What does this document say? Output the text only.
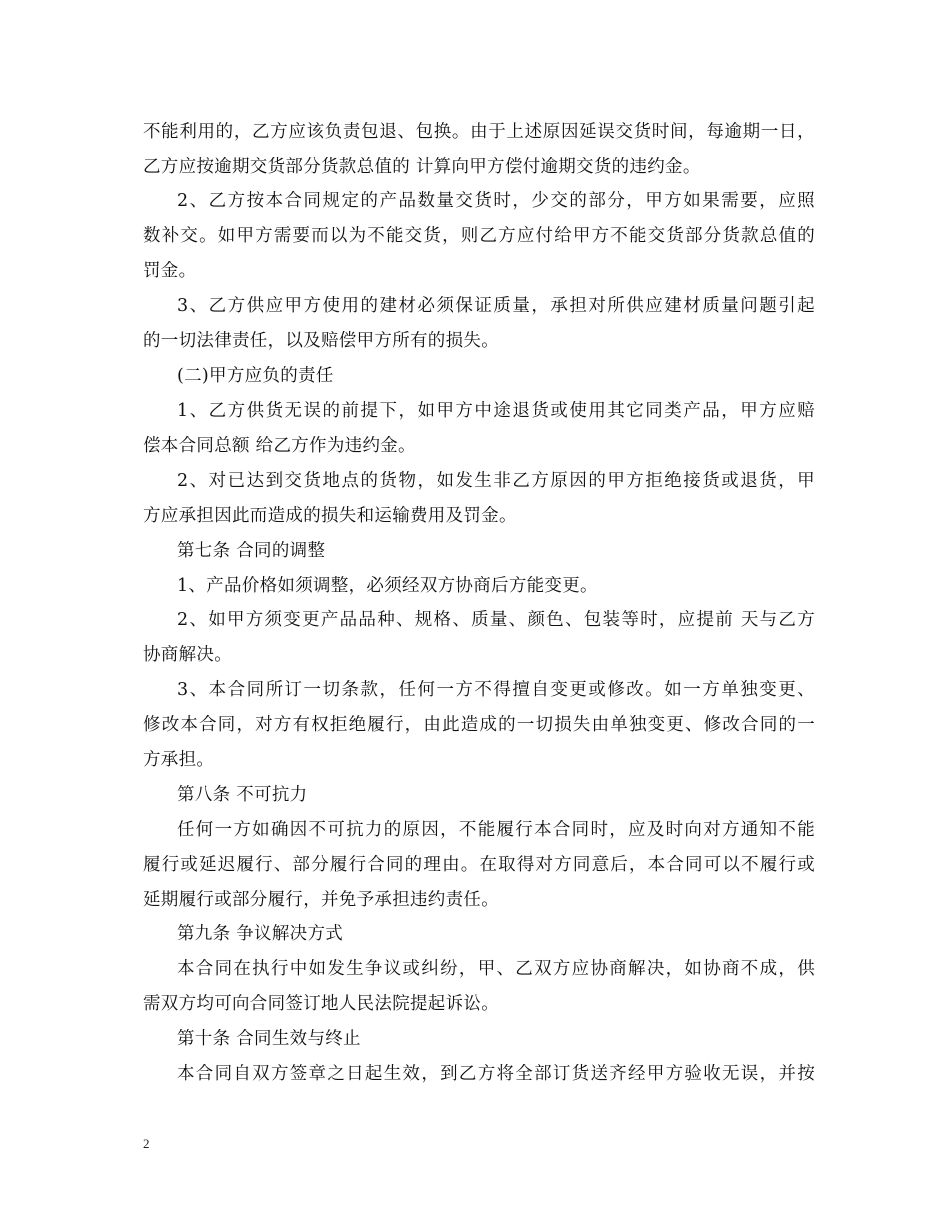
不能利用的，乙方应该负责包退、包换。由于上述原因延误交货时间，每逾期一日，
乙方应按逾期交货部分货款总值的 计算向甲方偿付逾期交货的违约金。
2、乙方按本合同规定的产品数量交货时，少交的部分，甲方如果需要，应照
数补交。如甲方需要而以为不能交货，则乙方应付给甲方不能交货部分货款总值的
罚金。
3、乙方供应甲方使用的建材必须保证质量，承担对所供应建材质量问题引起
的一切法律责任，以及赔偿甲方所有的损失。
(二)甲方应负的责任
1、乙方供货无误的前提下，如甲方中途退货或使用其它同类产品，甲方应赔
偿本合同总额 给乙方作为违约金。
2、对已达到交货地点的货物，如发生非乙方原因的甲方拒绝接货或退货，甲
方应承担因此而造成的损失和运输费用及罚金。
第七条 合同的调整
1、产品价格如须调整，必须经双方协商后方能变更。
2、如甲方须变更产品品种、规格、质量、颜色、包装等时，应提前 天与乙方
协商解决。
3、本合同所订一切条款，任何一方不得擅自变更或修改。如一方单独变更、
修改本合同，对方有权拒绝履行，由此造成的一切损失由单独变更、修改合同的一
方承担。
第八条 不可抗力
任何一方如确因不可抗力的原因，不能履行本合同时，应及时向对方通知不能
履行或延迟履行、部分履行合同的理由。在取得对方同意后，本合同可以不履行或
延期履行或部分履行，并免予承担违约责任。
第九条 争议解决方式
本合同在执行中如发生争议或纠纷，甲、乙双方应协商解决，如协商不成，供
需双方均可向合同签订地人民法院提起诉讼。
第十条 合同生效与终止
本合同自双方签章之日起生效，到乙方将全部订货送齐经甲方验收无误，并按
2
